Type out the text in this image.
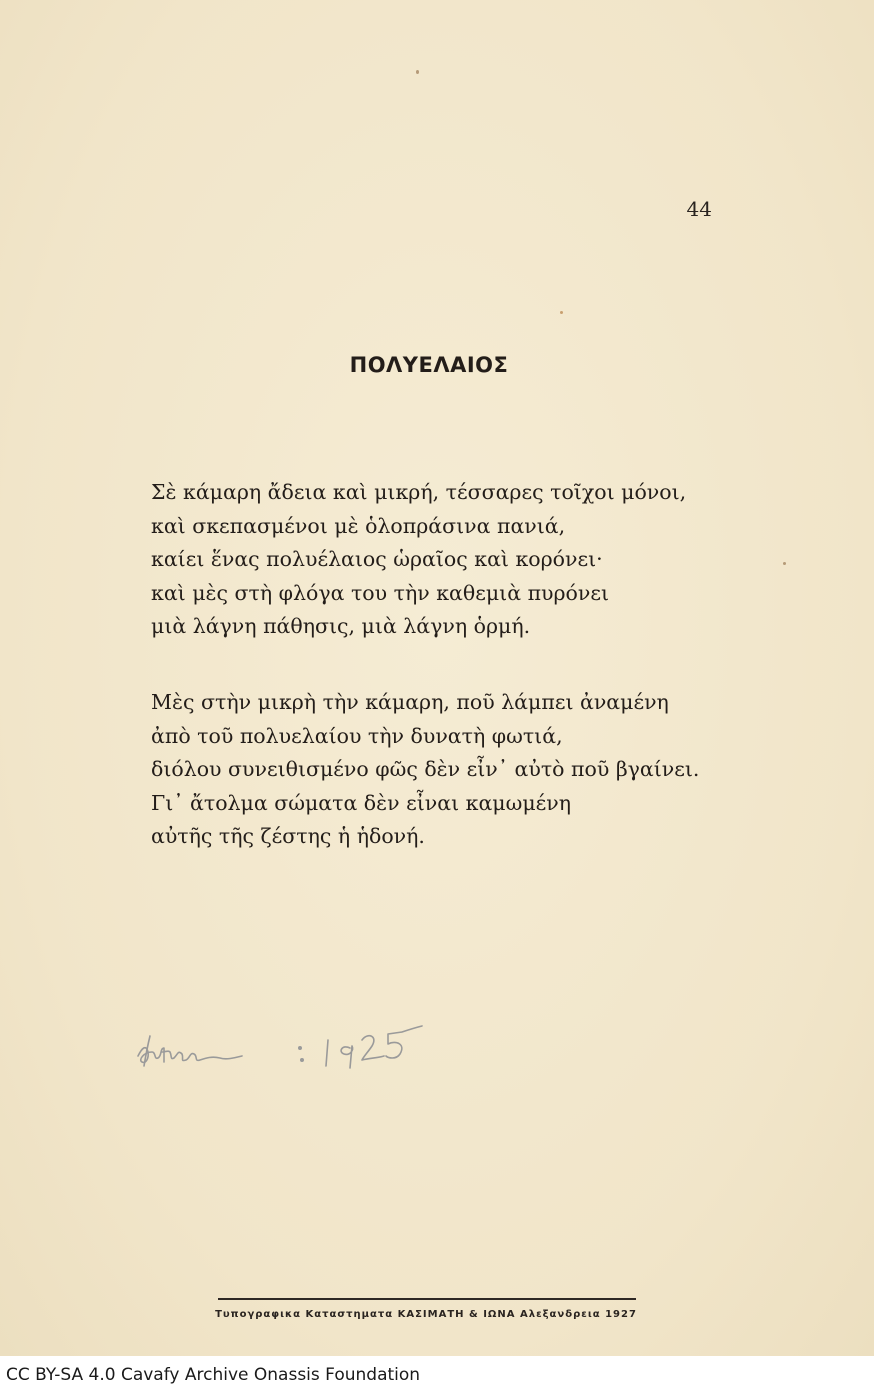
44
ΠΟΛΥΕΛΑΙΟΣ
Σὲ κάμαρη ἄδεια καὶ μικρή, τέσσαρες τοῖχοι μόνοι,
καὶ σκεπασμένοι μὲ ὁλοπράσινα πανιά,
καίει ἕνας πολυέλαιος ὡραῖος καὶ κορόνει·
καὶ μὲς στὴ φλόγα του τὴν καθεμιὰ πυρόνει
μιὰ λάγνη πάθησις, μιὰ λάγνη ὁρμή.
Μὲς στὴν μικρὴ τὴν κάμαρη, ποῦ λάμπει ἀναμένη
ἀπὸ τοῦ πολυελαίου τὴν δυνατὴ φωτιά,
διόλου συνειθισμένο φῶς δὲν εἶν᾽ αὐτὸ ποῦ βγαίνει.
Γι᾽ ἄτολμα σώματα δὲν εἶναι καμωμένη
αὐτῆς τῆς ζέστης ἡ ἡδονή.
Τυπογραφικα Καταστηματα ΚΑΣΙΜΑΤΗ & ΙΩΝΑ Αλεξανδρεια 1927
CC BY-SA 4.0 Cavafy Archive Onassis Foundation
